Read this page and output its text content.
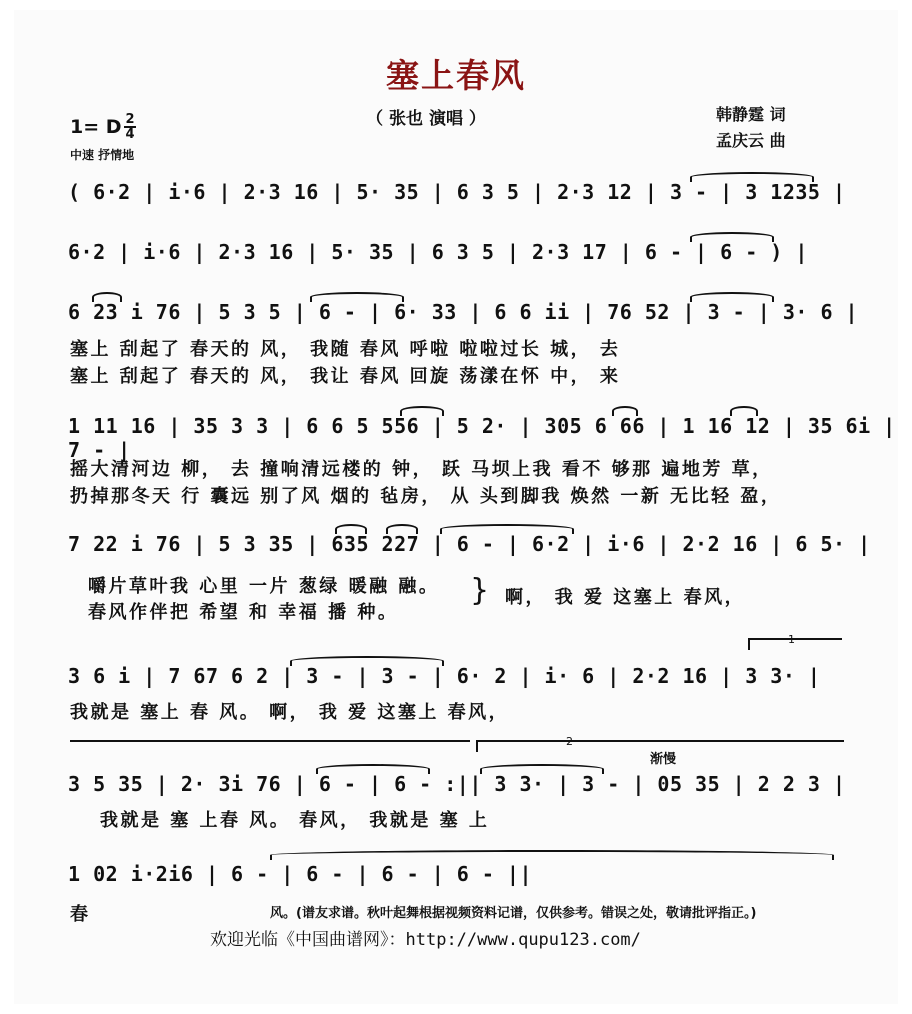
塞上春风
（ 张也 演唱 ）	韩静霆 词
孟庆云 曲
1= D 2
4
中速 抒情地
( 6·2 | i·6 | 2·3 16 | 5· 35 | 6 3 5 | 2·3 12 | 3 - | 3 1235 |
6·2 | i·6 | 2·3 16 | 5· 35 | 6 3 5 | 2·3 17 | 6 - | 6 - ) |
6 23 i 76 | 5 3 5 | 6 - | 6· 33 | 6 6 ii | 76 52 | 3 - | 3· 6 |
塞上 刮起了 春天的 风， 我随 春风 呼啦 啦啦过长 城， 去
塞上 刮起了 春天的 风， 我让 春风 回旋 荡漾在怀 中， 来
1 11 16 | 35 3 3 | 6 6 5 556 | 5 2· | 305 6 66 | 1 16 12 | 35 6i | 7 - |
摇大清河边 柳， 去 撞响清远楼的 钟， 跃 马坝上我 看不 够那 遍地芳 草，
扔掉那冬天 行 囊远 别了风 烟的 毡房， 从 头到脚我 焕然 一新 无比轻 盈，
7 22 i 76 | 5 3 35 | 635 227 | 6 - | 6·2 | i·6 | 2·2 16 | 6 5· |
嚼片草叶我 心里 一片 葱绿 暖融 融。
春风作伴把 希望 和 幸福 播 种。
} 啊， 我 爱 这塞上 春风，
1
3 6 i | 7 67 6 2 | 3 - | 3 - | 6· 2 | i· 6 | 2·2 16 | 3 3· |
我就是 塞上 春 风。 啊， 我 爱 这塞上 春风，
2
渐慢
3 5 35 | 2· 3i 76 | 6 - | 6 - :|| 3 3· | 3 - | 05 35 | 2 2 3 |
我就是 塞 上春 风。 春风， 我就是 塞 上
1 02 i·2i6 | 6 - | 6 - | 6 - | 6 - ||
春	风。(谱友求谱。秋叶起舞根据视频资料记谱，仅供参考。错误之处，敬请批评指正。)
欢迎光临《中国曲谱网》：http://www.qupu123.com/
